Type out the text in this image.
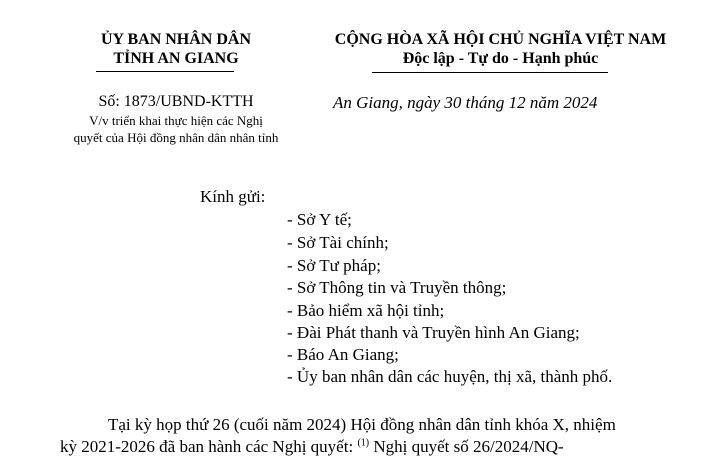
ỦY BAN NHÂN DÂN
TỈNH AN GIANG
Số: 1873/UBND-KTTH
V/v triển khai thực hiện các Nghị
quyết của Hội đồng nhân dân nhân tỉnh
CỘNG HÒA XÃ HỘI CHỦ NGHĨA VIỆT NAM
Độc lập - Tự do - Hạnh phúc
An Giang, ngày 30 tháng 12 năm 2024
Kính gửi:
- Sở Y tế;
- Sở Tài chính;
- Sở Tư pháp;
- Sở Thông tin và Truyền thông;
- Bảo hiểm xã hội tỉnh;
- Đài Phát thanh và Truyền hình An Giang;
- Báo An Giang;
- Ủy ban nhân dân các huyện, thị xã, thành phố.
Tại kỳ họp thứ 26 (cuối năm 2024) Hội đồng nhân dân tỉnh khóa X, nhiệm
kỳ 2021-2026 đã ban hành các Nghị quyết: $^{(1)}$ Nghị quyết số 26/2024/NQ-
